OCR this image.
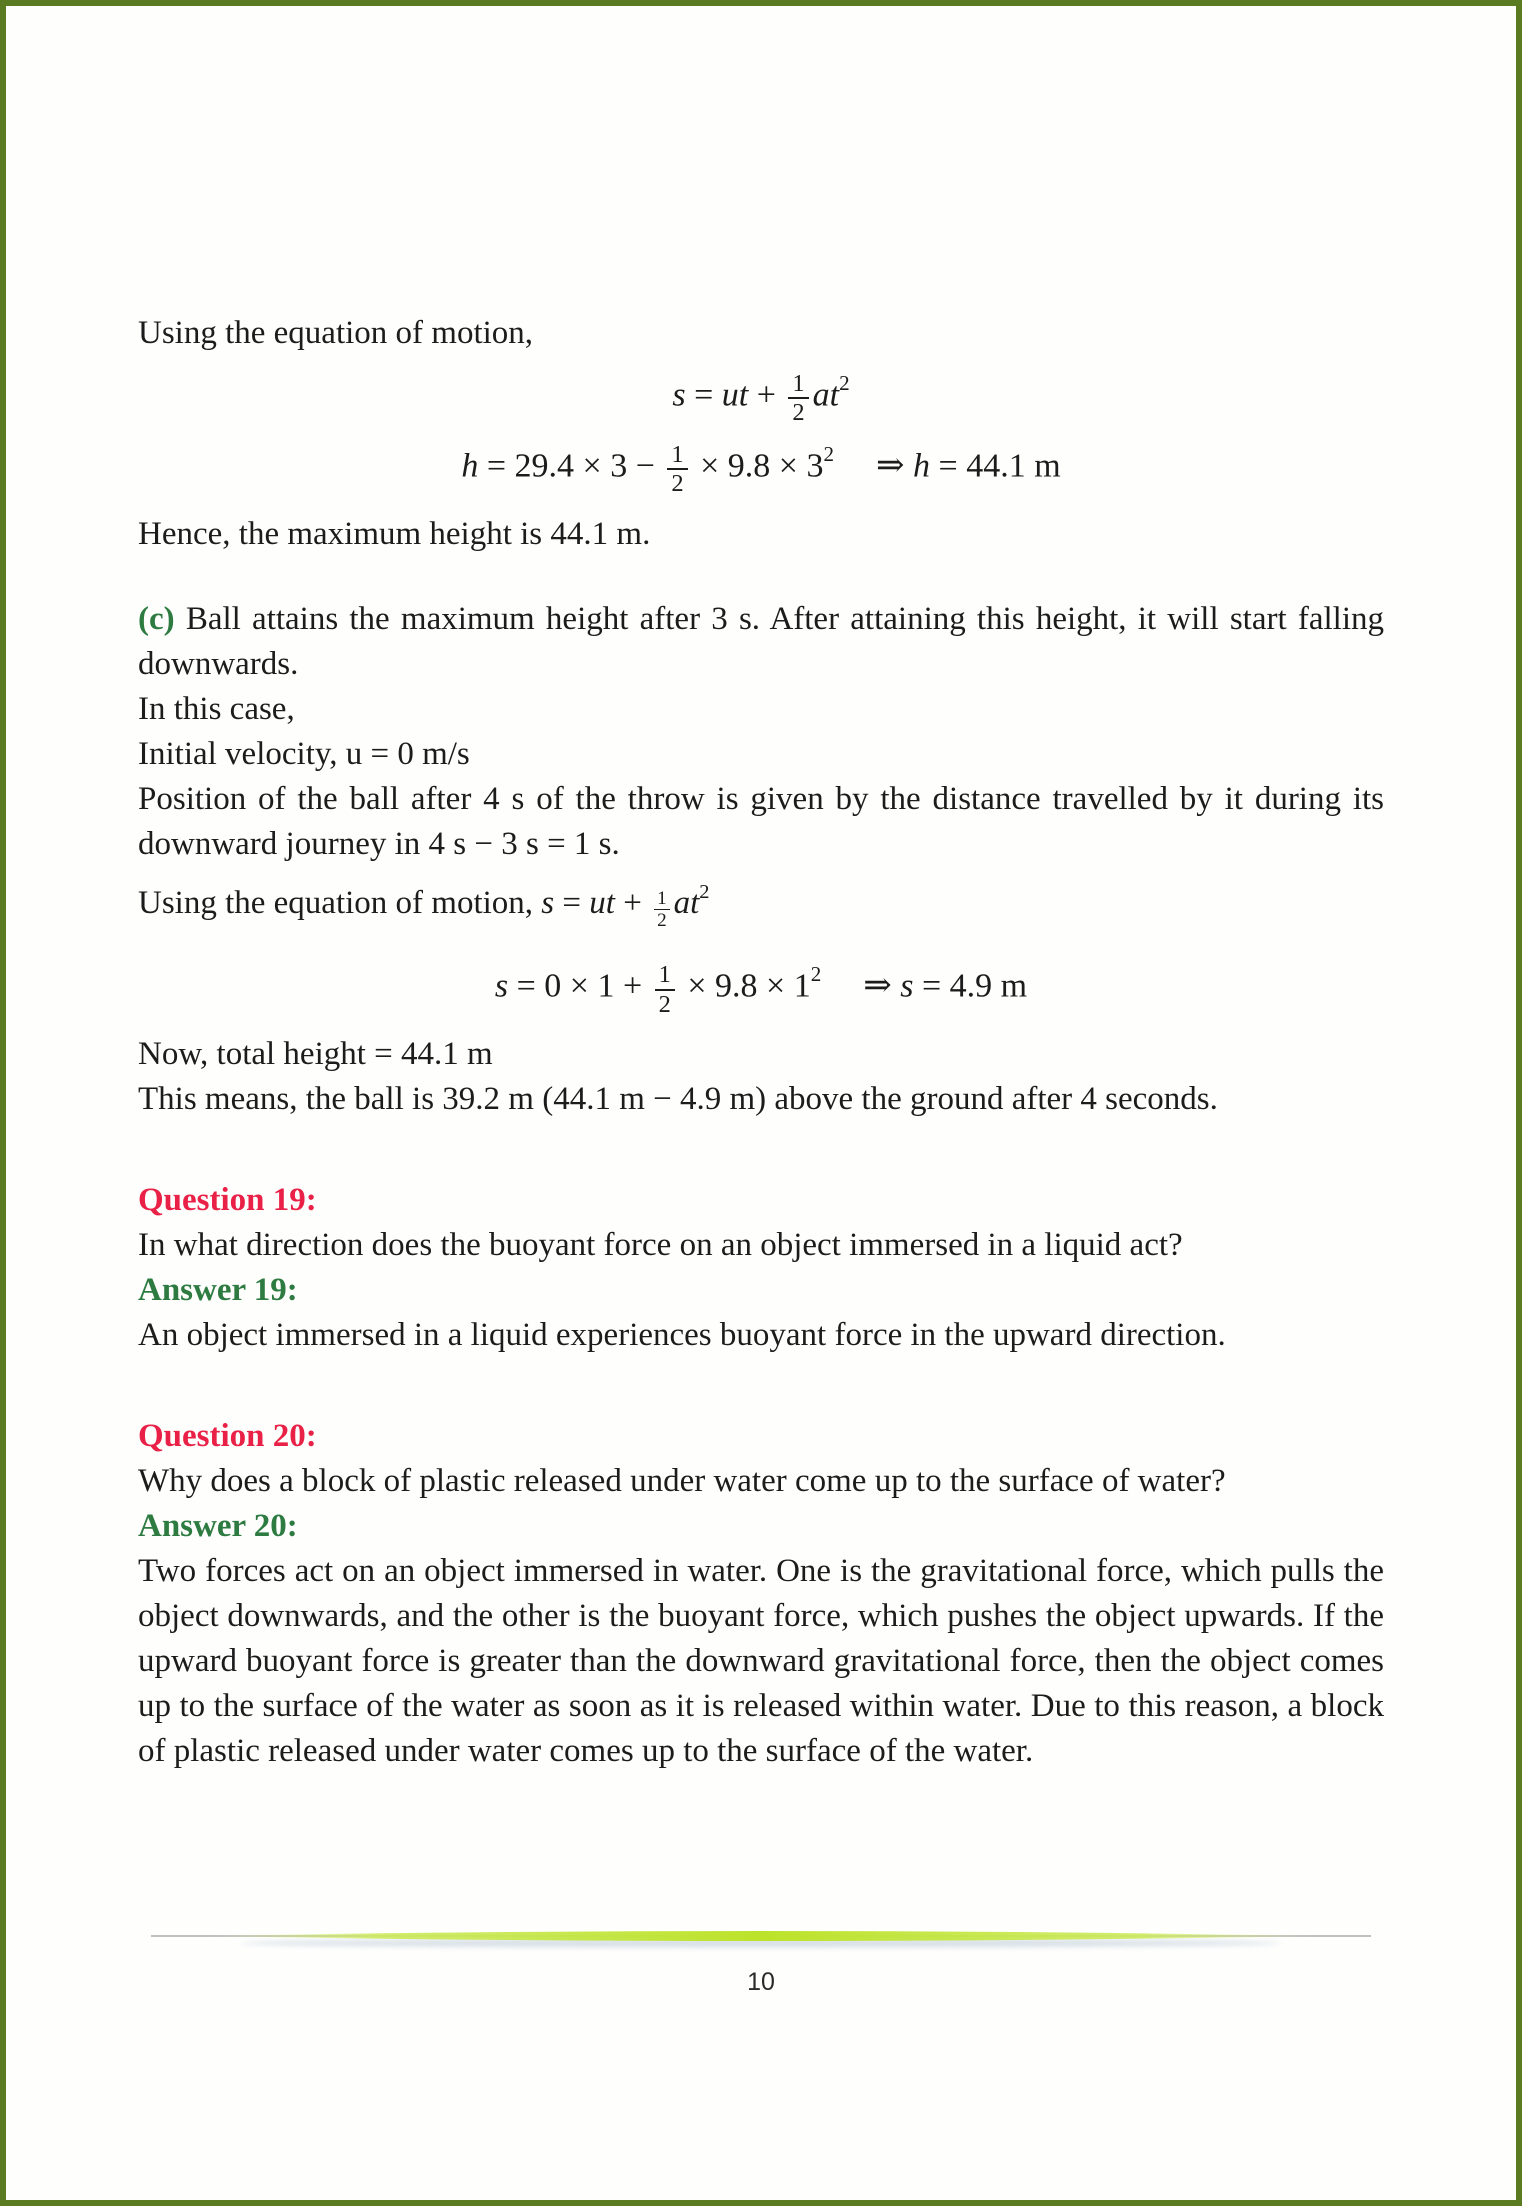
Using the equation of motion,

s = ut + $\frac{1}{2} at^2$
$h = 29.4 \times 3 - \frac{1}{2} \times 9.8 \times 3^2$ ⇒ h = 44.1 m

Hence, the maximum height is 44.1 m.

(c) Ball attains the maximum height after 3 s. After attaining this height, it will start falling downwards.

In this case,

Initial velocity, u = 0 m/s

Position of the ball after 4 s of the throw is given by the distance travelled by it during its downward journey in 4 s − 3 s = 1 s.

Using the equation of motion, s = ut + $\frac{1}{2} at^2$

$s = 0 \times 1 + \frac{1}{2} \times 9.8 \times 1^2$ ⇒ s = 4.9 m

Now, total height = 44.1 m

This means, the ball is 39.2 m (44.1 m − 4.9 m) above the ground after 4 seconds.

Question 19:

In what direction does the buoyant force on an object immersed in a liquid act?

Answer 19:

An object immersed in a liquid experiences buoyant force in the upward direction.

Question 20:

Why does a block of plastic released under water come up to the surface of water?

Answer 20:

Two forces act on an object immersed in water. One is the gravitational force, which pulls the object downwards, and the other is the buoyant force, which pushes the object upwards. If the upward buoyant force is greater than the downward gravitational force, then the object comes up to the surface of the water as soon as it is released within water. Due to this reason, a block of plastic released under water comes up to the surface of the water.

10
